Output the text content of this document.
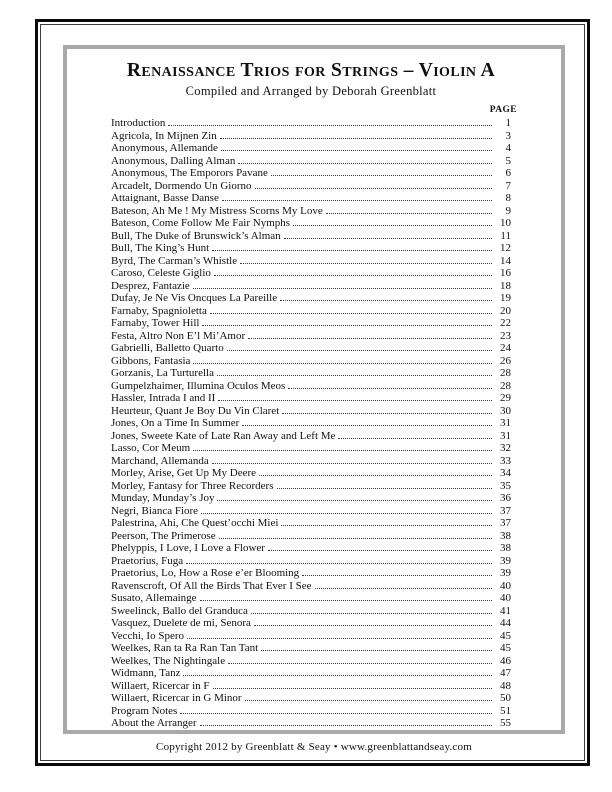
Renaissance Trios for Strings – Violin A
Compiled and Arranged by Deborah Greenblatt
PAGE
Introduction	1
Agricola, In Mijnen Zin	3
Anonymous, Allemande	4
Anonymous, Dalling Alman	5
Anonymous, The Emporors Pavane	6
Arcadelt, Dormendo Un Giorno	7
Attaignant, Basse Danse	8
Bateson, Ah Me ! My Mistress Scorns My Love	9
Bateson, Come Follow Me Fair Nymphs	10
Bull, The Duke of Brunswick’s Alman	11
Bull, The King’s Hunt	12
Byrd, The Carman’s Whistle	14
Caroso, Celeste Giglio	16
Desprez, Fantazie	18
Dufay, Je Ne Vis Oncques La Pareille	19
Farnaby, Spagnioletta	20
Farnaby, Tower Hill	22
Festa, Altro Non E’l Mi’Amor	23
Gabrielli, Balletto Quarto	24
Gibbons, Fantasia	26
Gorzanis, La Turturella	28
Gumpelzhaimer, Illumina Oculos Meos	28
Hassler, Intrada I and II	29
Heurteur, Quant Je Boy Du Vin Claret	30
Jones, On a Time In Summer	31
Jones, Sweete Kate of Late Ran Away and Left Me	31
Lasso, Cor Meum	32
Marchand, Allemanda	33
Morley, Arise, Get Up My Deere	34
Morley, Fantasy for Three Recorders	35
Munday, Munday’s Joy	36
Negri, Bianca Fiore	37
Palestrina, Ahi, Che Quest’occhi Miei	37
Peerson, The Primerose	38
Phelyppis, I Love, I Love a Flower	38
Praetorius, Fuga	39
Praetorius, Lo, How a Rose e’er Blooming	39
Ravenscroft, Of All the Birds That Ever I See	40
Susato, Allemainge	40
Sweelinck, Ballo del Granduca	41
Vasquez, Duelete de mi, Senora	44
Vecchi, Io Spero	45
Weelkes, Ran ta Ra Ran Tan Tant	45
Weelkes, The Nightingale	46
Widmann, Tanz	47
Willaert, Ricercar in F	48
Willaert, Ricercar in G Minor	50
Program Notes	51
About the Arranger	55
Copyright 2012 by Greenblatt & Seay • www.greenblattandseay.com
